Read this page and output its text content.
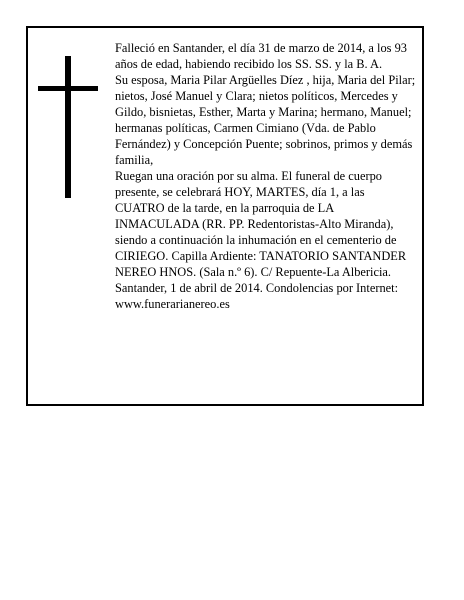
Falleció en Santander, el día 31 de marzo de 2014, a los 93 años de edad, habiendo recibido los SS. SS. y la B. A.

Su esposa, Maria Pilar Argüelles Díez , hija, Maria del Pilar; nietos, José Manuel y Clara; nietos políticos, Mercedes y Gildo, bisnietas, Esther, Marta y Marina; hermano, Manuel; hermanas políticas, Carmen Cimiano (Vda. de Pablo Fernández) y Concepción Puente; sobrinos, primos y demás familia,

Ruegan una oración por su alma. El funeral de cuerpo presente, se celebrará HOY, MARTES, día 1, a las CUATRO de la tarde, en la parroquia de LA INMACULADA (RR. PP. Redentoristas-Alto Miranda), siendo a continuación la inhumación en el cementerio de CIRIEGO. Capilla Ardiente: TANATORIO SANTANDER NEREO HNOS. (Sala n.º 6). C/ Repuente-La Albericia.

Santander, 1 de abril de 2014. Condolencias por Internet: www.funerarianereo.es
